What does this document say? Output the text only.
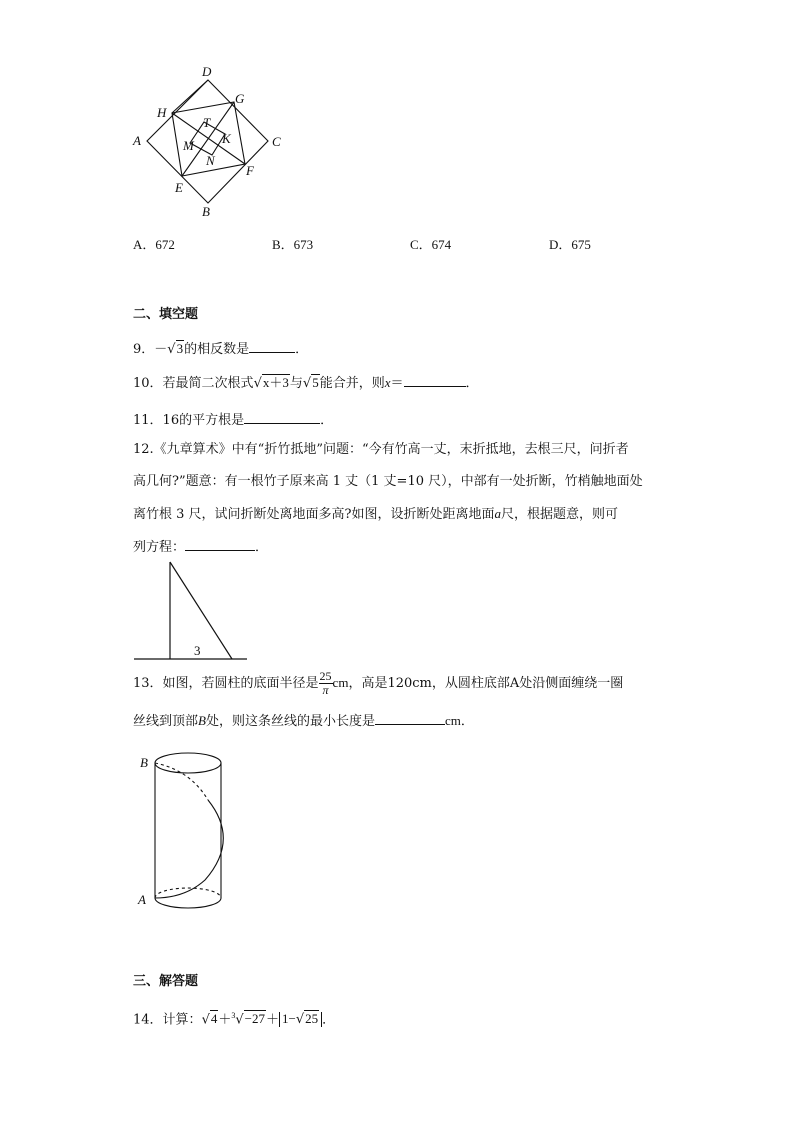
D
A	C
B
H
G
E
F
T
K
M
N
A．672	B．673	C．674	D．675
二、填空题
9．－√3的相反数是	．
10．若最简二次根式√x＋3与√5能合并，则x＝	．
11．16的平方根是	．
12.《九章算术》中有“折竹抵地”问题：“今有竹高一丈，末折抵地，去根三尺，问折者
高几何?”题意：有一根竹子原来高 1 丈（1 丈=10 尺），中部有一处折断，竹梢触地面处
离竹根 3 尺，试问折断处离地面多高?如图，设折断处距离地面a尺，根据题意，则可
列方程：	．
3
13．如图，若圆柱的底面半径是 $\frac{25}{\pi}$ cm，高是120cm，从圆柱底部A处沿侧面缠绕一圈
丝线到顶部B处，则这条丝线的最小长度是	cm．
B
A
三、解答题
14．计算：√4＋$^3$√−27＋ 1−√25 ．
